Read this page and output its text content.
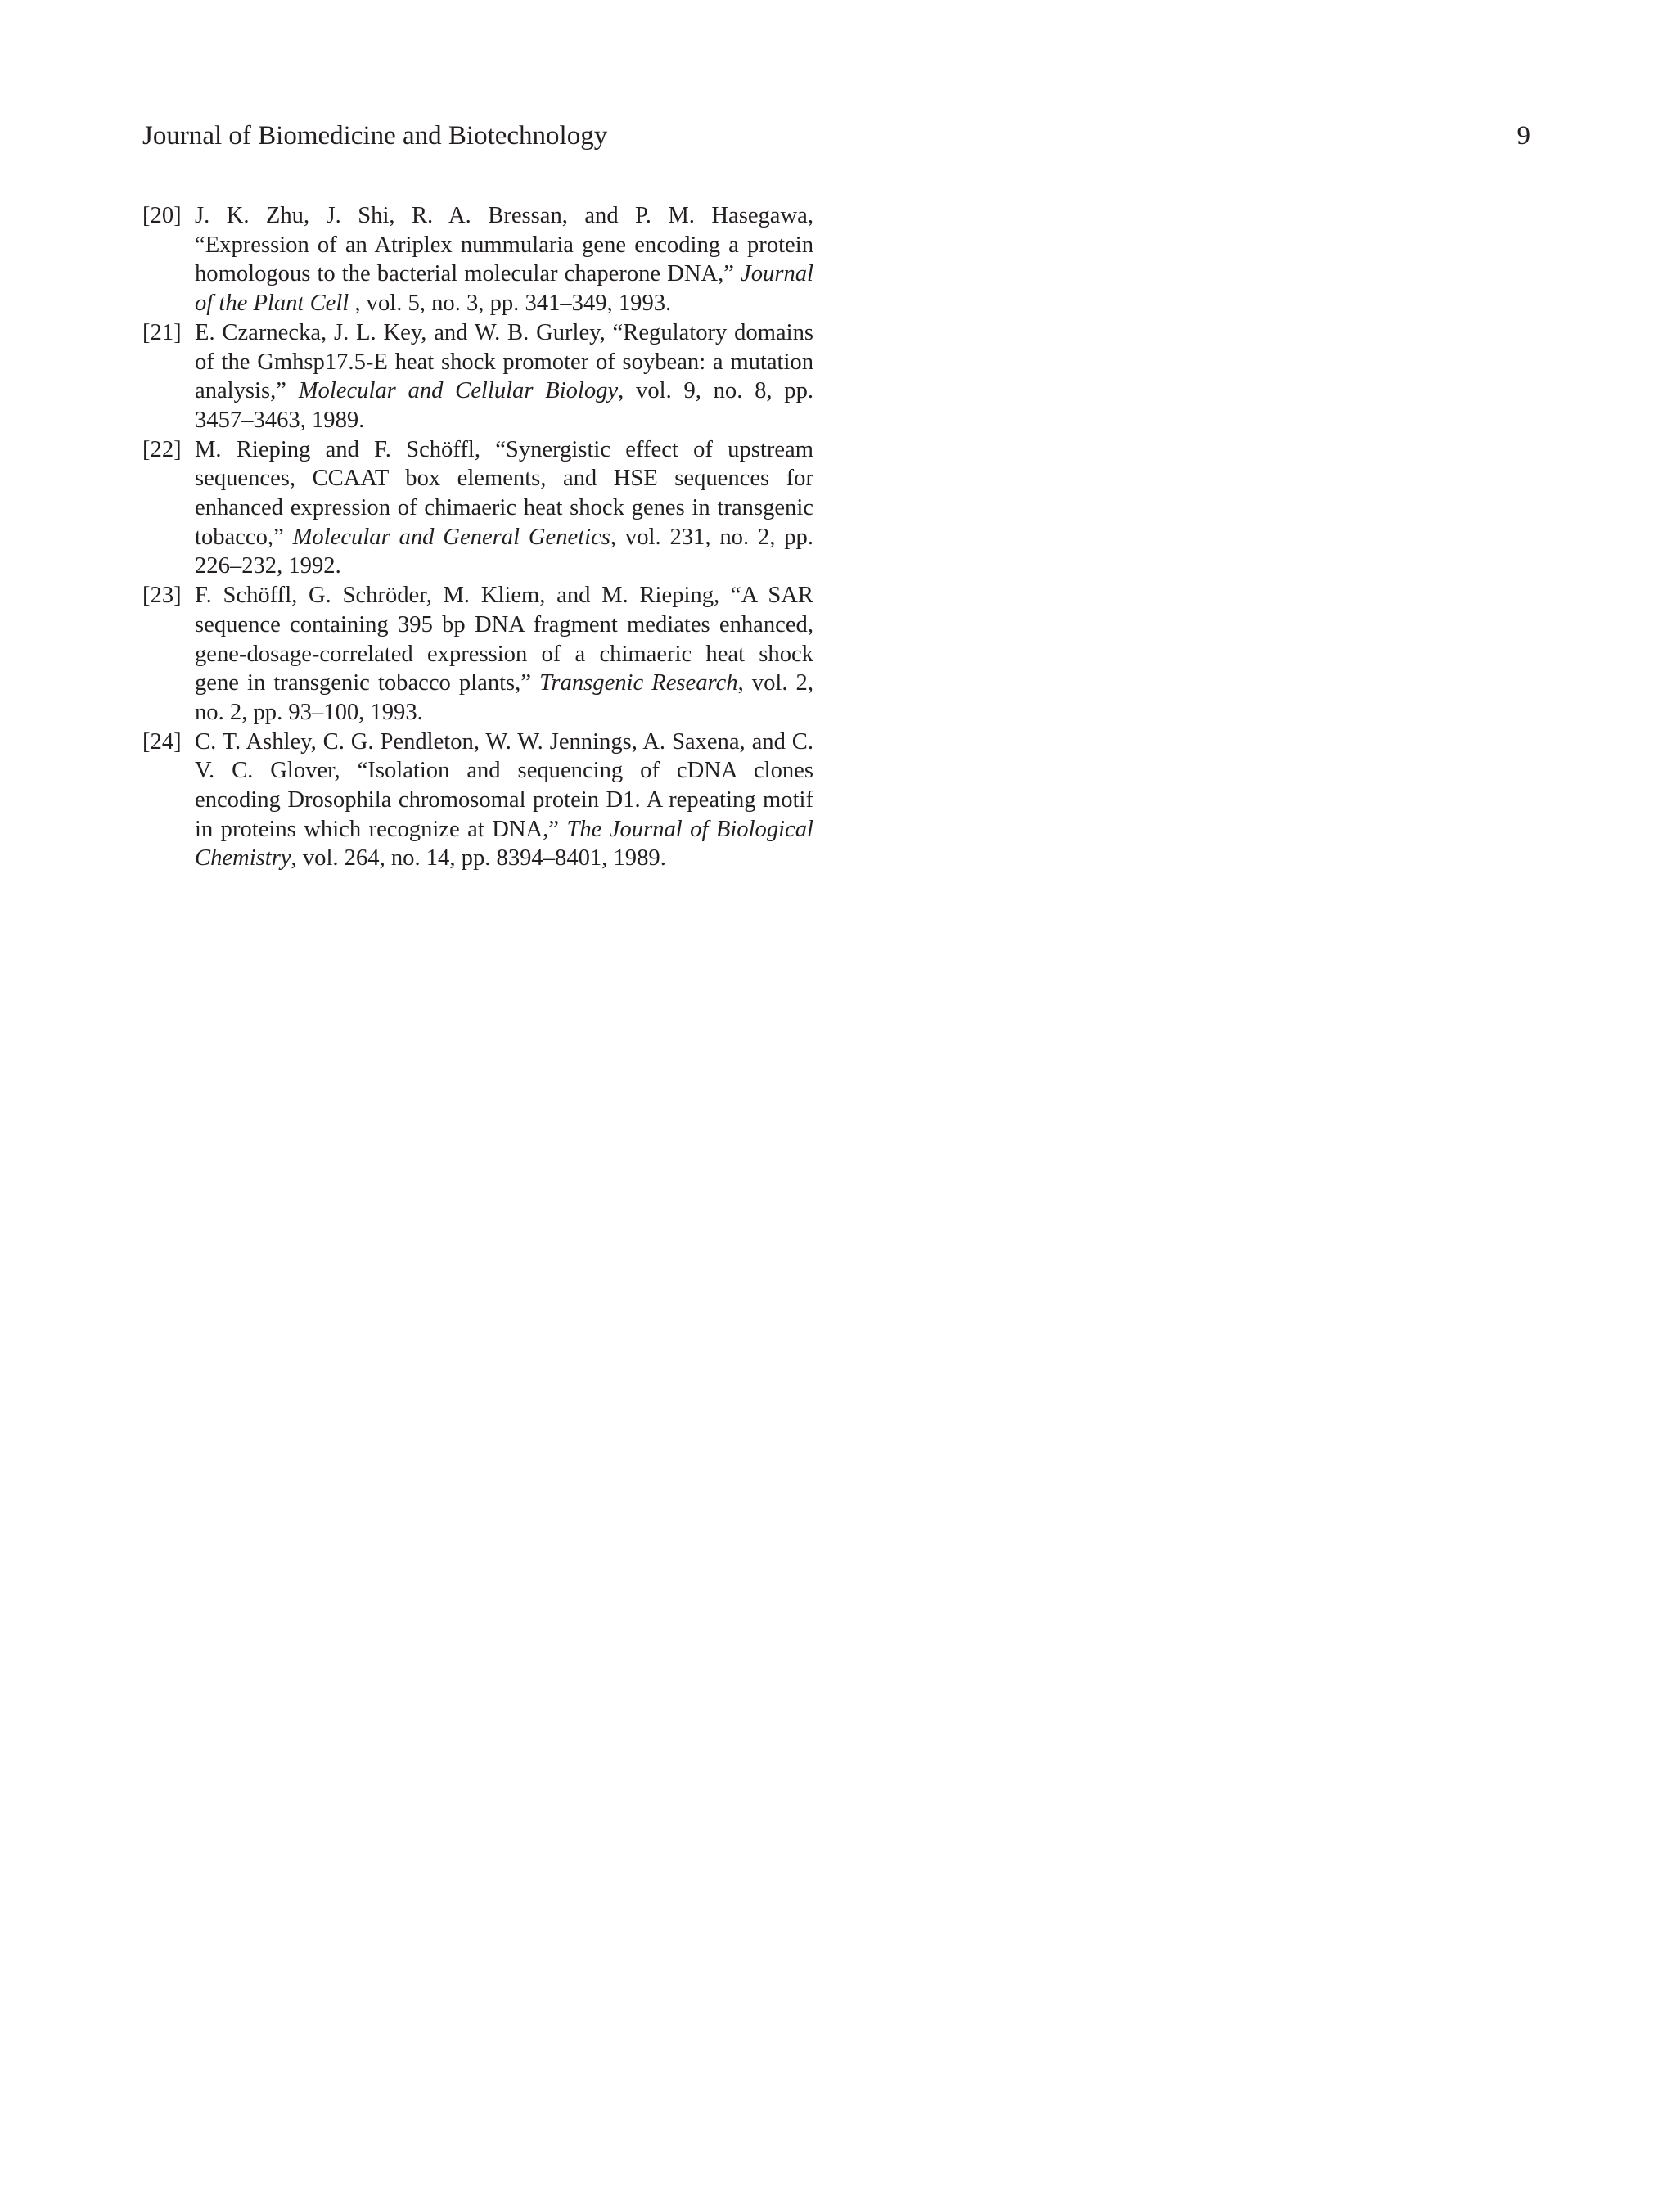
Journal of Biomedicine and Biotechnology	9
[20] J. K. Zhu, J. Shi, R. A. Bressan, and P. M. Hasegawa, “Expression of an Atriplex nummularia gene encoding a protein homologous to the bacterial molecular chaperone DNA,” Journal of the Plant Cell , vol. 5, no. 3, pp. 341–349, 1993.
[21] E. Czarnecka, J. L. Key, and W. B. Gurley, “Regulatory domains of the Gmhsp17.5-E heat shock promoter of soybean: a mutation analysis,” Molecular and Cellular Biology, vol. 9, no. 8, pp. 3457–3463, 1989.
[22] M. Rieping and F. Schöffl, “Synergistic effect of upstream sequences, CCAAT box elements, and HSE sequences for enhanced expression of chimaeric heat shock genes in transgenic tobacco,” Molecular and General Genetics, vol. 231, no. 2, pp. 226–232, 1992.
[23] F. Schöffl, G. Schröder, M. Kliem, and M. Rieping, “A SAR sequence containing 395 bp DNA fragment mediates enhanced, gene-dosage-correlated expression of a chimaeric heat shock gene in transgenic tobacco plants,” Transgenic Research, vol. 2, no. 2, pp. 93–100, 1993.
[24] C. T. Ashley, C. G. Pendleton, W. W. Jennings, A. Saxena, and C. V. C. Glover, “Isolation and sequencing of cDNA clones encoding Drosophila chromosomal protein D1. A repeating motif in proteins which recognize at DNA,” The Journal of Biological Chemistry, vol. 264, no. 14, pp. 8394–8401, 1989.
